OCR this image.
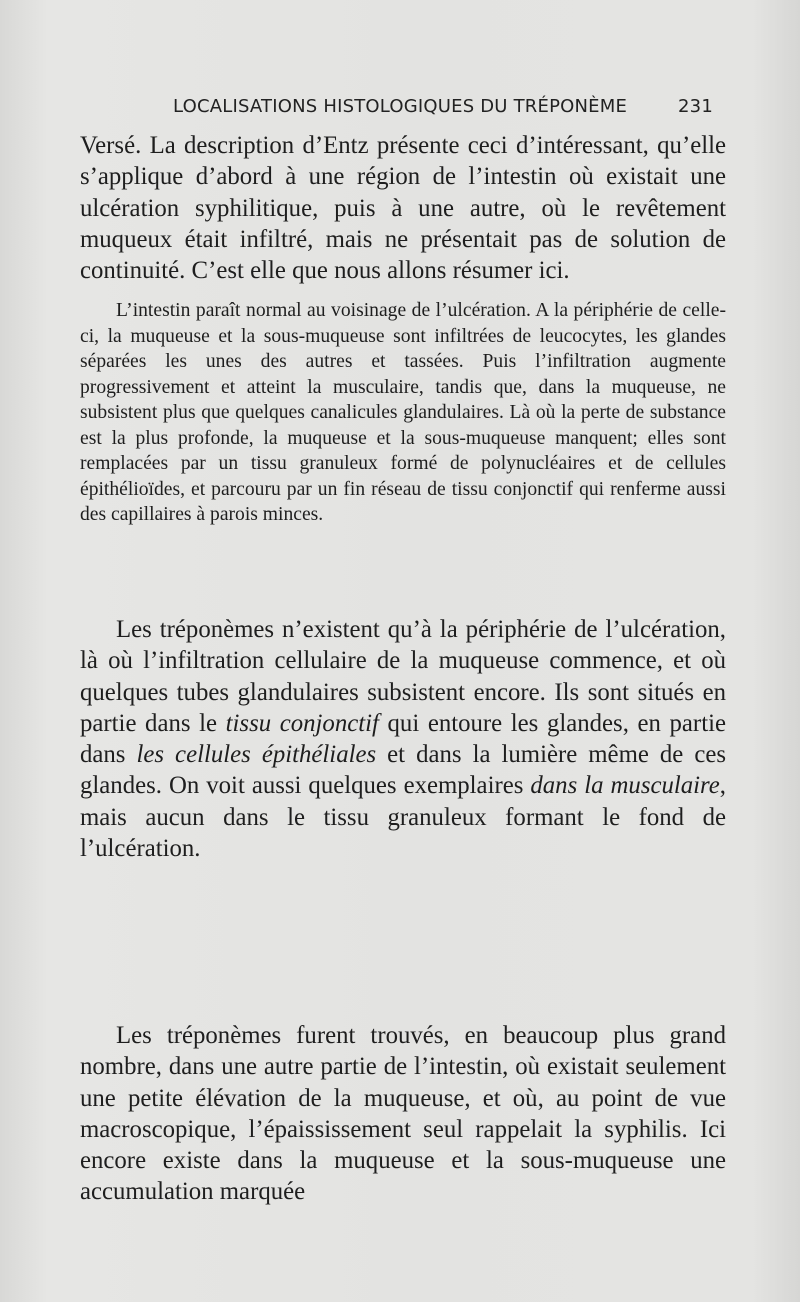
LOCALISATIONS HISTOLOGIQUES DU TRÉPONÈME	231

Versé. La description d’Entz présente ceci d’intéressant, qu’elle s’applique d’abord à une région de l’intestin où existait une ulcération syphilitique, puis à une autre, où le revêtement muqueux était infiltré, mais ne présentait pas de solution de continuité. C’est elle que nous allons résumer ici.

L’intestin paraît normal au voisinage de l’ulcération. A la périphérie de celle-ci, la muqueuse et la sous-muqueuse sont infiltrées de leucocytes, les glandes séparées les unes des autres et tassées. Puis l’infiltration augmente progressivement et atteint la musculaire, tandis que, dans la muqueuse, ne subsistent plus que quelques canalicules glandulaires. Là où la perte de substance est la plus profonde, la muqueuse et la sous-muqueuse manquent; elles sont remplacées par un tissu granuleux formé de polynucléaires et de cellules épithélioïdes, et parcouru par un fin réseau de tissu conjonctif qui renferme aussi des capillaires à parois minces.

Les tréponèmes n’existent qu’à la périphérie de l’ulcération, là où l’infiltration cellulaire de la muqueuse commence, et où quelques tubes glandulaires subsistent encore. Ils sont situés en partie dans le tissu conjonctif qui entoure les glandes, en partie dans les cellules épithéliales et dans la lumière même de ces glandes. On voit aussi quelques exemplaires dans la musculaire, mais aucun dans le tissu granuleux formant le fond de l’ulcération.

Les tréponèmes furent trouvés, en beaucoup plus grand nombre, dans une autre partie de l’intestin, où existait seulement une petite élévation de la muqueuse, et où, au point de vue macroscopique, l’épaississement seul rappelait la syphilis. Ici encore existe dans la muqueuse et la sous-muqueuse une accumulation marquée
